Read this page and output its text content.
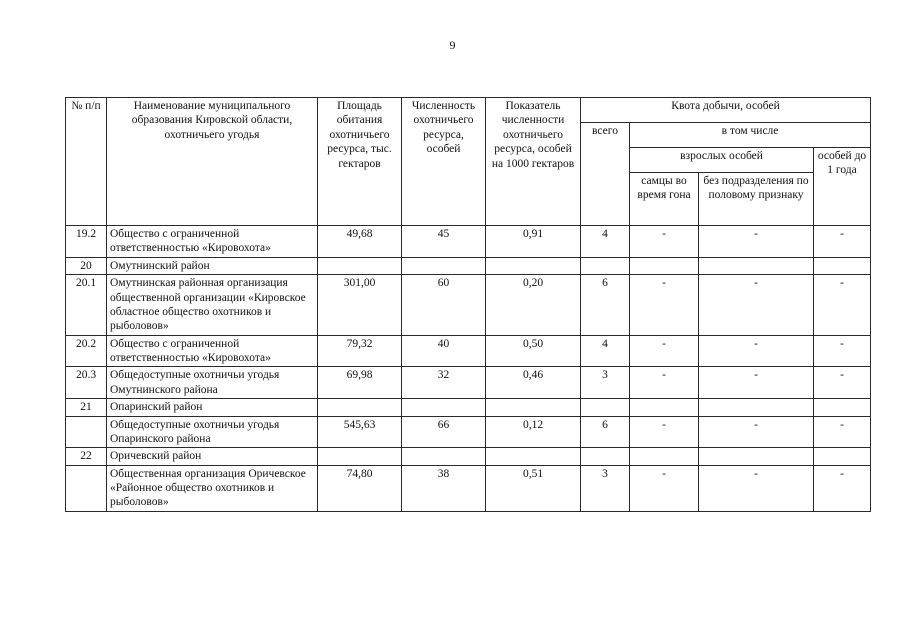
9
№ п/п	Наименование муниципального образования Кировской области, охотничьего угодья	Площадь обитания охотничьего ресурса, тыс. гектаров	Численность охотничьего ресурса, особей	Показатель численности охотничьего ресурса, особей на 1000 гектаров	Квота добычи, особей			
					всего	в том числе		
						взрослых особей		особей до 1 года
						самцы во время гона	без подразделения по половому признаку	
19.2	Общество с ограниченной ответственностью «Кировохота»	49,68	45	0,91	4	-	-	-
20	Омутнинский район							
20.1	Омутнинская районная организация общественной организации «Кировское областное общество охотников и рыболовов»	301,00	60	0,20	6	-	-	-
20.2	Общество с ограниченной ответственностью «Кировохота»	79,32	40	0,50	4	-	-	-
20.3	Общедоступные охотничьи угодья Омутнинского района	69,98	32	0,46	3	-	-	-
21	Опаринский район							
	Общедоступные охотничьи угодья Опаринского района	545,63	66	0,12	6	-	-	-
22	Оричевский район							
	Общественная организация Оричевское «Районное общество охотников и рыболовов»	74,80	38	0,51	3	-	-	-
